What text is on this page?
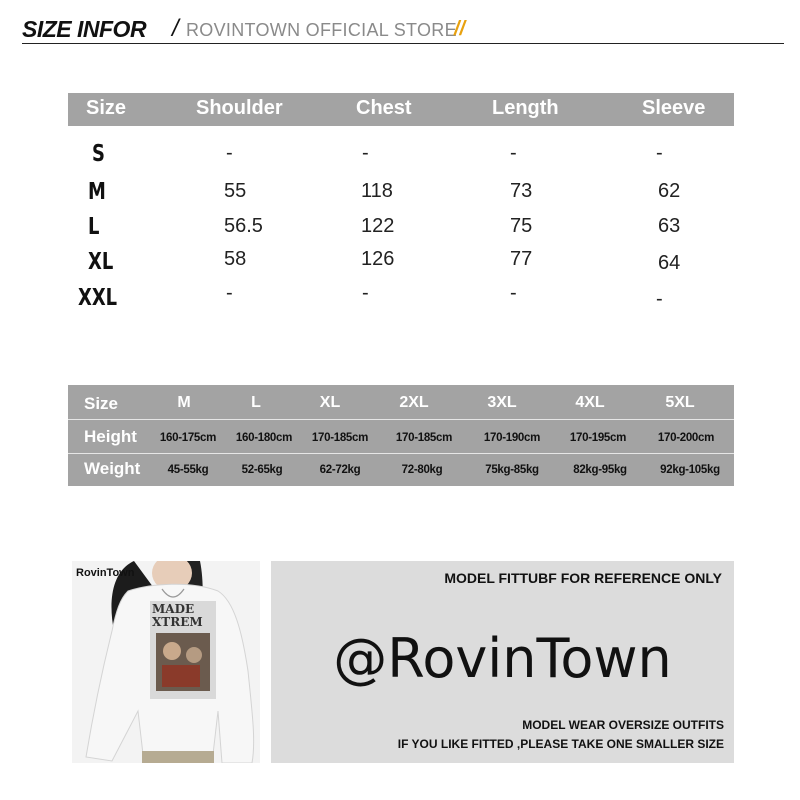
SIZE INFOR / ROVINTOWN OFFICIAL STORE
//
Size	Shoulder	Chest	Length	Sleeve
S	-	-	-	-
M	55	118	73	62
L	56.5	122	75	63
XL	58	126	77	64
XXL	-	-	-	-
Size	M	L	XL	2XL	3XL	4XL	5XL
Height	160-175cm	160-180cm	170-185cm	170-185cm	170-190cm	170-195cm	170-200cm
Weight	45-55kg	52-65kg	62-72kg	72-80kg	75kg-85kg	82kg-95kg	92kg-105kg
RovinTown
MADE XTREM
MODEL FITTUBF FOR REFERENCE ONLY
@RovinTown
MODEL WEAR OVERSIZE OUTFITS
IF YOU LIKE FITTED ,PLEASE TAKE ONE SMALLER SIZE
